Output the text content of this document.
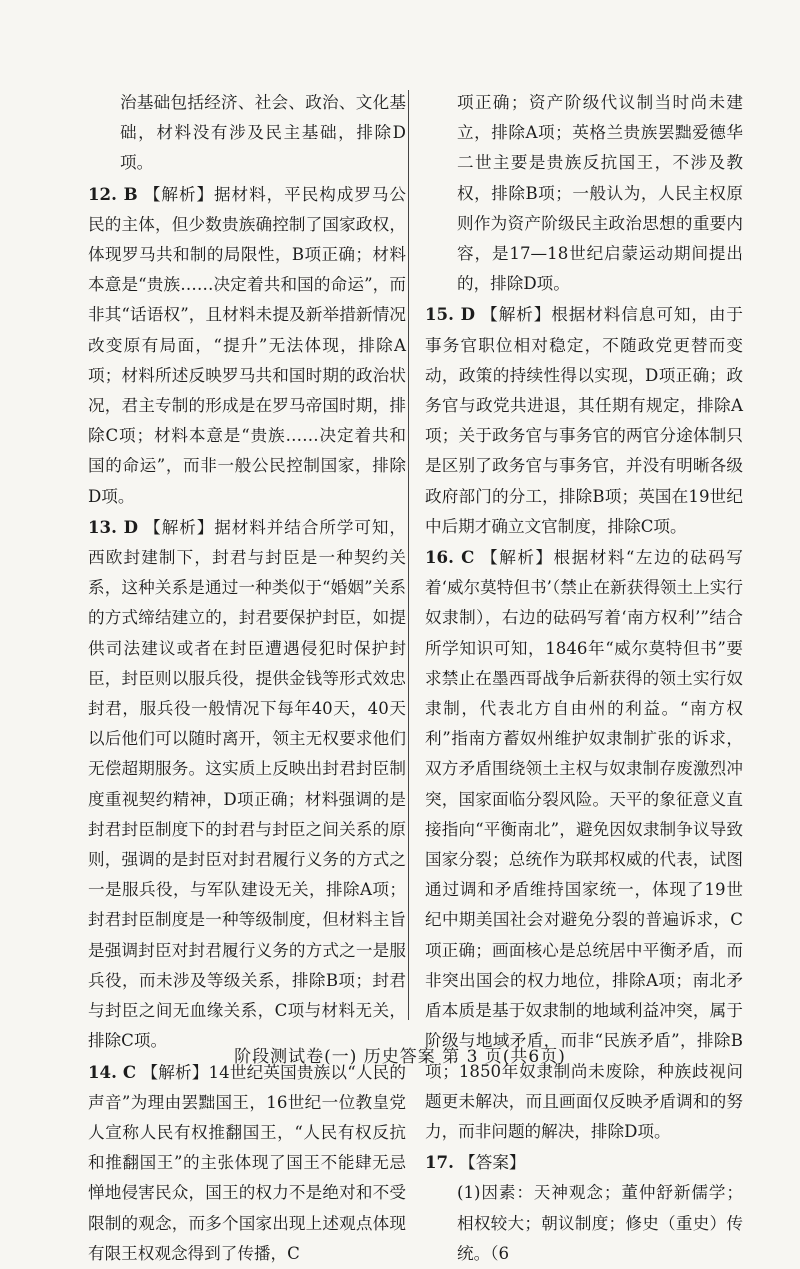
治基础包括经济、社会、政治、文化基础，材料没有涉及民主基础，排除D项。

12. B 【解析】据材料，平民构成罗马公民的主体，但少数贵族确控制了国家政权，体现罗马共和制的局限性，B项正确；材料本意是“贵族……决定着共和国的命运”，而非其“话语权”，且材料未提及新举措新情况改变原有局面，“提升”无法体现，排除A项；材料所述反映罗马共和国时期的政治状况，君主专制的形成是在罗马帝国时期，排除C项；材料本意是“贵族……决定着共和国的命运”，而非一般公民控制国家，排除D项。

13. D 【解析】据材料并结合所学可知，西欧封建制下，封君与封臣是一种契约关系，这种关系是通过一种类似于“婚姻”关系的方式缔结建立的，封君要保护封臣，如提供司法建议或者在封臣遭遇侵犯时保护封臣，封臣则以服兵役，提供金钱等形式效忠封君，服兵役一般情况下每年40天，40天以后他们可以随时离开，领主无权要求他们无偿超期服务。这实质上反映出封君封臣制度重视契约精神，D项正确；材料强调的是封君封臣制度下的封君与封臣之间关系的原则，强调的是封臣对封君履行义务的方式之一是服兵役，与军队建设无关，排除A项；封君封臣制度是一种等级制度，但材料主旨是强调封臣对封君履行义务的方式之一是服兵役，而未涉及等级关系，排除B项；封君与封臣之间无血缘关系，C项与材料无关，排除C项。

14. C 【解析】14世纪英国贵族以“人民的声音”为理由罢黜国王，16世纪一位教皇党人宣称人民有权推翻国王，“人民有权反抗和推翻国王”的主张体现了国王不能肆无忌惮地侵害民众，国王的权力不是绝对和不受限制的观念，而多个国家出现上述观点体现有限王权观念得到了传播，C

项正确；资产阶级代议制当时尚未建立，排除A项；英格兰贵族罢黜爱德华二世主要是贵族反抗国王，不涉及教权，排除B项；一般认为，人民主权原则作为资产阶级民主政治思想的重要内容，是17—18世纪启蒙运动期间提出的，排除D项。

15. D 【解析】根据材料信息可知，由于事务官职位相对稳定，不随政党更替而变动，政策的持续性得以实现，D项正确；政务官与政党共进退，其任期有规定，排除A项；关于政务官与事务官的两官分途体制只是区别了政务官与事务官，并没有明晰各级政府部门的分工，排除B项；英国在19世纪中后期才确立文官制度，排除C项。

16. C 【解析】根据材料“左边的砝码写着‘威尔莫特但书’（禁止在新获得领土上实行奴隶制），右边的砝码写着‘南方权利’”结合所学知识可知，1846年“威尔莫特但书”要求禁止在墨西哥战争后新获得的领土实行奴隶制，代表北方自由州的利益。“南方权利”指南方蓄奴州维护奴隶制扩张的诉求，双方矛盾围绕领土主权与奴隶制存废激烈冲突，国家面临分裂风险。天平的象征意义直接指向“平衡南北”，避免因奴隶制争议导致国家分裂；总统作为联邦权威的代表，试图通过调和矛盾维持国家统一，体现了19世纪中期美国社会对避免分裂的普遍诉求，C项正确；画面核心是总统居中平衡矛盾，而非突出国会的权力地位，排除A项；南北矛盾本质是基于奴隶制的地域利益冲突，属于阶级与地域矛盾，而非“民族矛盾”，排除B项；1850年奴隶制尚未废除，种族歧视问题更未解决，而且画面仅反映矛盾调和的努力，而非问题的解决，排除D项。

17. 【答案】

(1)因素：天神观念；董仲舒新儒学；相权较大；朝议制度；修史（重史）传统。（6

阶段测试卷(一) 历史答案 第 3 页(共6页)
